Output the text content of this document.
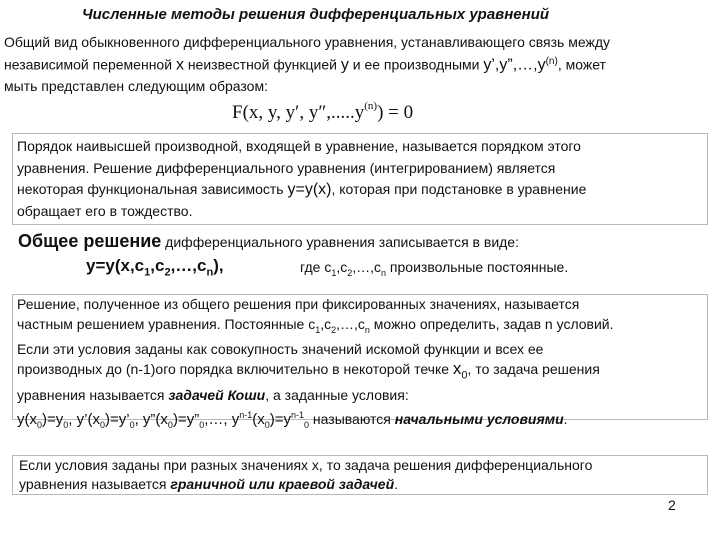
Численные методы решения дифференциальных уравнений
Общий вид обыкновенного дифференциального уравнения, устанавливающего связь между
независимой переменной x неизвестной функцией y и ее производными $y’,y”,\dots,y^{(n)}$, может
мыть представлен следующим образом:
F(x, y, y′, $y'',.....y^{(n)}) = 0$
Порядок наивысшей производной, входящей в уравнение, называется порядком этого
уравнения. Решение дифференциального уравнения (интегрированием) является
некоторая функциональная зависимость y=y(x), которая при подстановке в уравнение
обращает его в тождество.
Общее решение дифференциального уравнения записывается в виде:
$y=y(x,c_1,c_2,\dots,c_n)$,	где $c_1,c_2,\dots,c_n$ произвольные постоянные.
Решение, полученное из общего решения при фиксированных значениях, называется
частным решением уравнения. Постоянные $c_1,c_2,\dots,c_n$ можно определить, задав n условий.
Если эти условия заданы как совокупность значений искомой функции и всех ее
производных до (n-1)ого порядка включительно в некоторой течке $x_0$, то задача решения
уравнения называется задачей Коши, а заданные условия:
$y(x_0)=y_0$, $y’(x_0)=y’_0$, $y”(x_0)=y”_0,\dots$, $y^{n-1}(x_0)=y^{n-1}_0$ называются начальными условиями.
Если условия заданы при разных значениях x, то задача решения дифференциального
уравнения называется граничной или краевой задачей.
2
